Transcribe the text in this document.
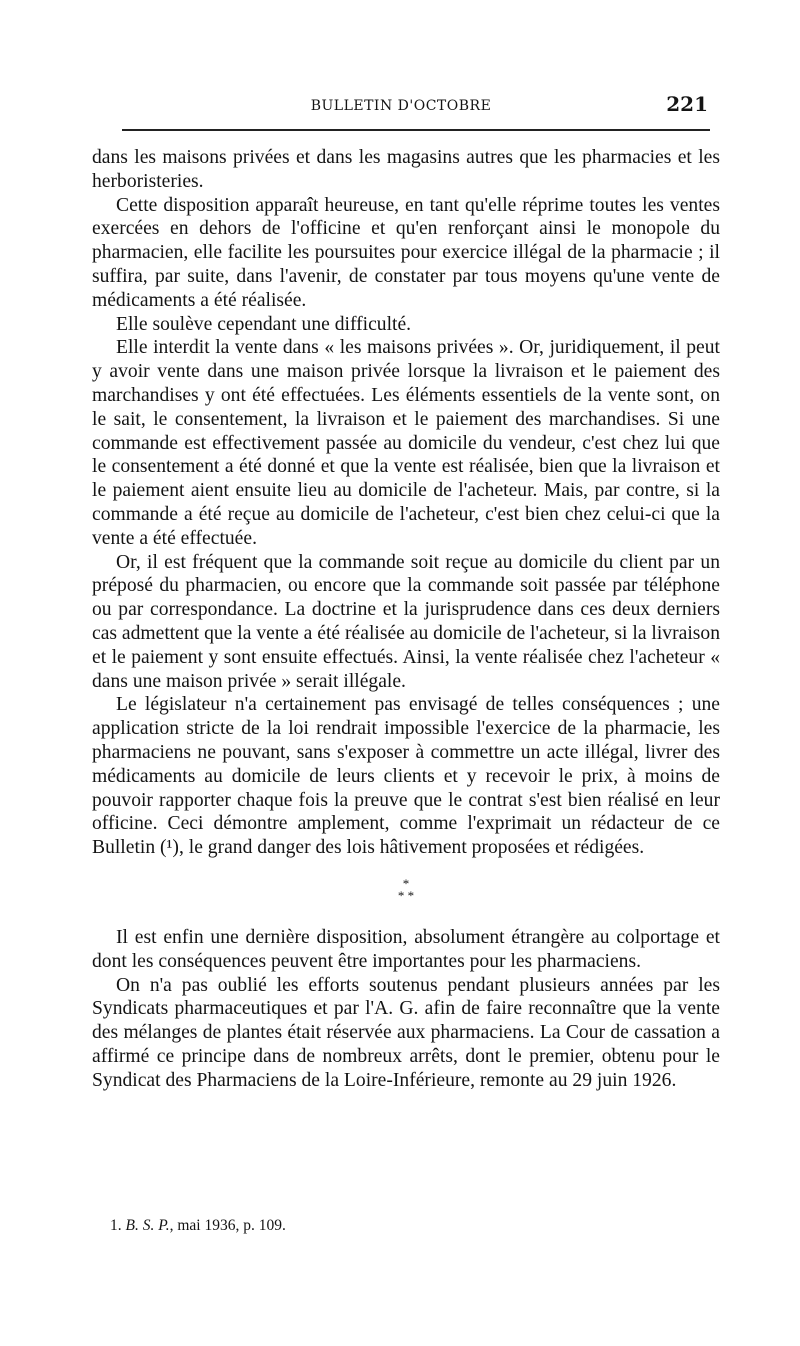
BULLETIN D'OCTOBRE	221

dans les maisons privées et dans les magasins autres que les pharmacies et les herboristeries.

Cette disposition apparaît heureuse, en tant qu'elle réprime toutes les ventes exercées en dehors de l'officine et qu'en renforçant ainsi le monopole du pharmacien, elle facilite les poursuites pour exercice illégal de la pharmacie ; il suffira, par suite, dans l'avenir, de constater par tous moyens qu'une vente de médicaments a été réalisée.

Elle soulève cependant une difficulté.

Elle interdit la vente dans « les maisons privées ». Or, juridiquement, il peut y avoir vente dans une maison privée lorsque la livraison et le paiement des marchandises y ont été effectuées. Les éléments essentiels de la vente sont, on le sait, le consentement, la livraison et le paiement des marchandises. Si une commande est effectivement passée au domicile du vendeur, c'est chez lui que le consentement a été donné et que la vente est réalisée, bien que la livraison et le paiement aient ensuite lieu au domicile de l'acheteur. Mais, par contre, si la commande a été reçue au domicile de l'acheteur, c'est bien chez celui-ci que la vente a été effectuée.

Or, il est fréquent que la commande soit reçue au domicile du client par un préposé du pharmacien, ou encore que la commande soit passée par téléphone ou par correspondance. La doctrine et la jurisprudence dans ces deux derniers cas admettent que la vente a été réalisée au domicile de l'acheteur, si la livraison et le paiement y sont ensuite effectués. Ainsi, la vente réalisée chez l'acheteur « dans une maison privée » serait illégale.

Le législateur n'a certainement pas envisagé de telles conséquences ; une application stricte de la loi rendrait impossible l'exercice de la pharmacie, les pharmaciens ne pouvant, sans s'exposer à commettre un acte illégal, livrer des médicaments au domicile de leurs clients et y recevoir le prix, à moins de pouvoir rapporter chaque fois la preuve que le contrat s'est bien réalisé en leur officine. Ceci démontre amplement, comme l'exprimait un rédacteur de ce Bulletin (¹), le grand danger des lois hâtivement proposées et rédigées.

*
* *

Il est enfin une dernière disposition, absolument étrangère au colportage et dont les conséquences peuvent être importantes pour les pharmaciens.

On n'a pas oublié les efforts soutenus pendant plusieurs années par les Syndicats pharmaceutiques et par l'A. G. afin de faire reconnaître que la vente des mélanges de plantes était réservée aux pharmaciens. La Cour de cassation a affirmé ce principe dans de nombreux arrêts, dont le premier, obtenu pour le Syndicat des Pharmaciens de la Loire-Inférieure, remonte au 29 juin 1926.

1. B. S. P., mai 1936, p. 109.
